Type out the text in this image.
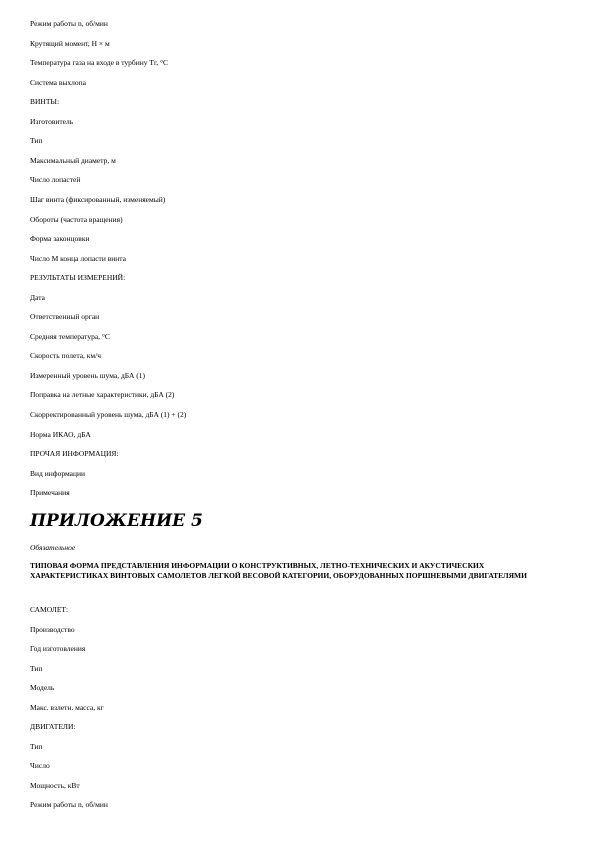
Режим работы n, об/мин
Крутящий момент, Н × м
Температура газа на входе в турбину Тг, °С
Система выхлопа
ВИНТЫ:
Изготовитель
Тип
Максимальный диаметр, м
Число лопастей
Шаг винта (фиксированный, изменяемый)
Обороты (частота вращения)
Форма законцовки
Число М конца лопасти винта
РЕЗУЛЬТАТЫ ИЗМЕРЕНИЙ:
Дата
Ответственный орган
Средняя температура, °С
Скорость полета, км/ч
Измеренный уровень шума, дБА (1)
Поправка на летные характеристики, дБА (2)
Скорректированный уровень шума, дБА (1) + (2)
Норма ИКАО, дБА
ПРОЧАЯ ИНФОРМАЦИЯ:
Вид информации
Примечания
ПРИЛОЖЕНИЕ 5
Обязательное
ТИПОВАЯ ФОРМА ПРЕДСТАВЛЕНИЯ ИНФОРМАЦИИ О КОНСТРУКТИВНЫХ, ЛЕТНО-ТЕХНИЧЕСКИХ И АКУСТИЧЕСКИХ ХАРАКТЕРИСТИКАХ ВИНТОВЫХ САМОЛЕТОВ ЛЕГКОЙ ВЕСОВОЙ КАТЕГОРИИ, ОБОРУДОВАННЫХ ПОРШНЕВЫМИ ДВИГАТЕЛЯМИ
САМОЛЕТ:
Производство
Год изготовления
Тип
Модель
Макс. взлетн. масса, кг
ДВИГАТЕЛИ:
Тип
Число
Мощность, кВт
Режим работы n, об/мин
